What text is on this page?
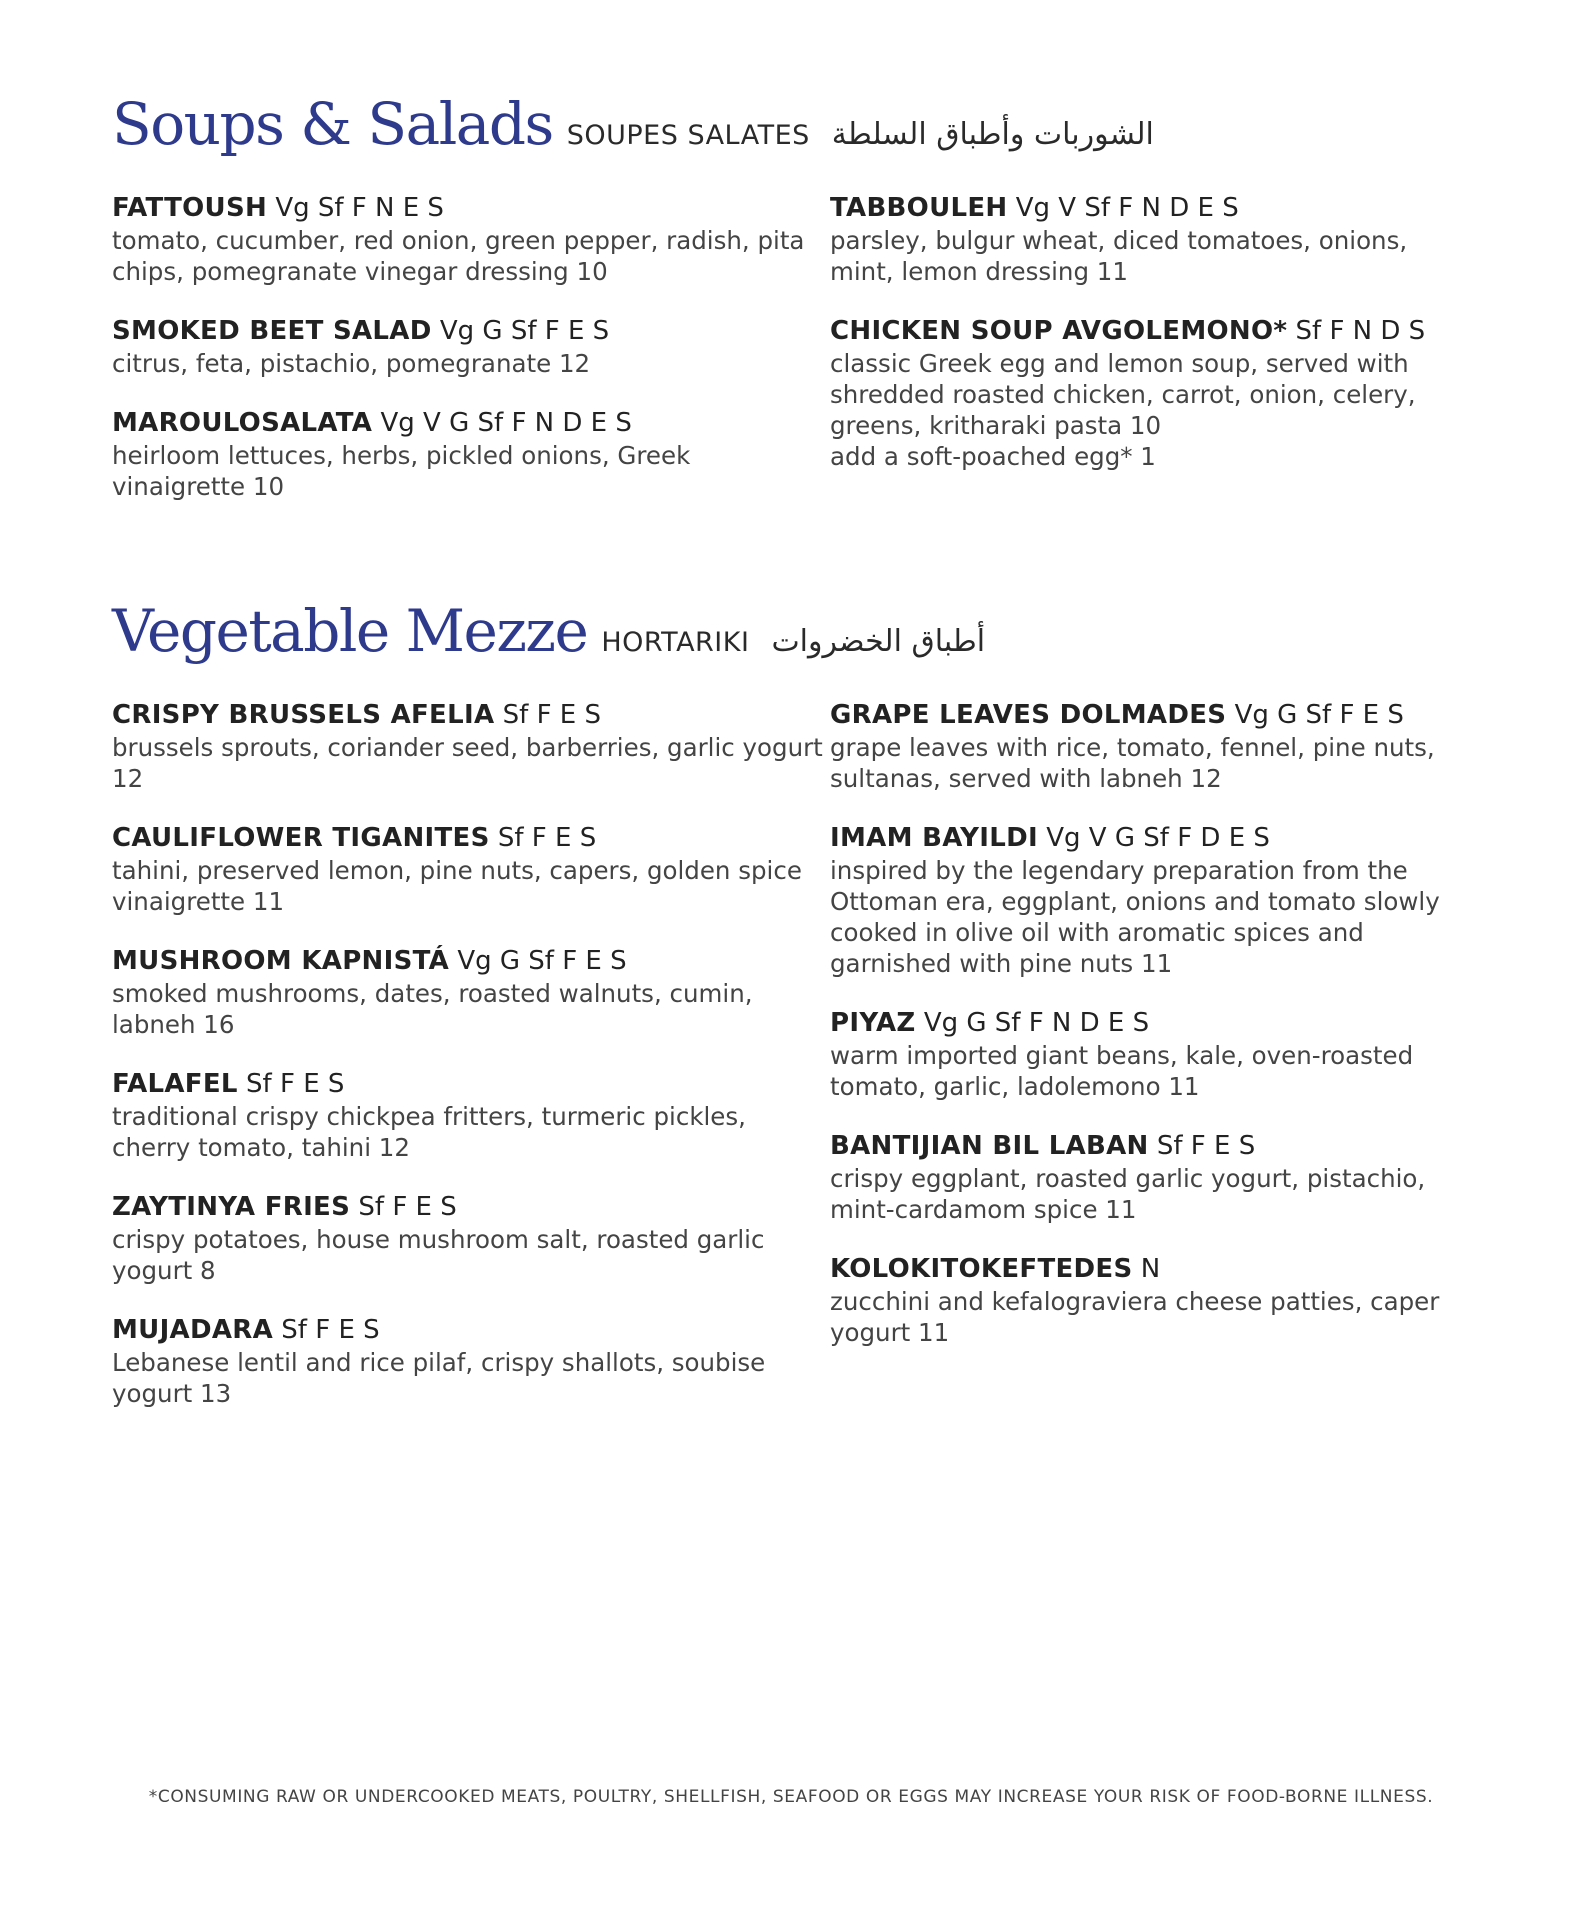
Soups & Salads SOUPES SALATES الشوربات وأطباق السلطة
FATTOUSH Vg Sf F N E S
tomato, cucumber, red onion, green pepper, radish, pita chips, pomegranate vinegar dressing 10
SMOKED BEET SALAD Vg G Sf F E S
citrus, feta, pistachio, pomegranate 12
MAROULOSALATA Vg V G Sf F N D E S
heirloom lettuces, herbs, pickled onions, Greek vinaigrette 10
TABBOULEH Vg V Sf F N D E S
parsley, bulgur wheat, diced tomatoes, onions, mint, lemon dressing 11
CHICKEN SOUP AVGOLEMONO* Sf F N D S
classic Greek egg and lemon soup, served with shredded roasted chicken, carrot, onion, celery, greens, kritharaki pasta 10
add a soft-poached egg* 1
Vegetable Mezze HORTARIKI أطباق الخضروات
CRISPY BRUSSELS AFELIA Sf F E S
brussels sprouts, coriander seed, barberries, garlic yogurt 12
CAULIFLOWER TIGANITES Sf F E S
tahini, preserved lemon, pine nuts, capers, golden spice vinaigrette 11
MUSHROOM KAPNISTÁ Vg G Sf F E S
smoked mushrooms, dates, roasted walnuts, cumin, labneh 16
FALAFEL Sf F E S
traditional crispy chickpea fritters, turmeric pickles, cherry tomato, tahini 12
ZAYTINYA FRIES Sf F E S
crispy potatoes, house mushroom salt, roasted garlic yogurt 8
MUJADARA Sf F E S
Lebanese lentil and rice pilaf, crispy shallots, soubise yogurt 13
GRAPE LEAVES DOLMADES Vg G Sf F E S
grape leaves with rice, tomato, fennel, pine nuts, sultanas, served with labneh 12
IMAM BAYILDI Vg V G Sf F D E S
inspired by the legendary preparation from the Ottoman era, eggplant, onions and tomato slowly cooked in olive oil with aromatic spices and garnished with pine nuts 11
PIYAZ Vg G Sf F N D E S
warm imported giant beans, kale, oven-roasted tomato, garlic, ladolemono 11
BANTIJIAN BIL LABAN Sf F E S
crispy eggplant, roasted garlic yogurt, pistachio, mint-cardamom spice 11
KOLOKITOKEFTEDES N
zucchini and kefalograviera cheese patties, caper yogurt 11
*CONSUMING RAW OR UNDERCOOKED MEATS, POULTRY, SHELLFISH, SEAFOOD OR EGGS MAY INCREASE YOUR RISK OF FOOD-BORNE ILLNESS.
